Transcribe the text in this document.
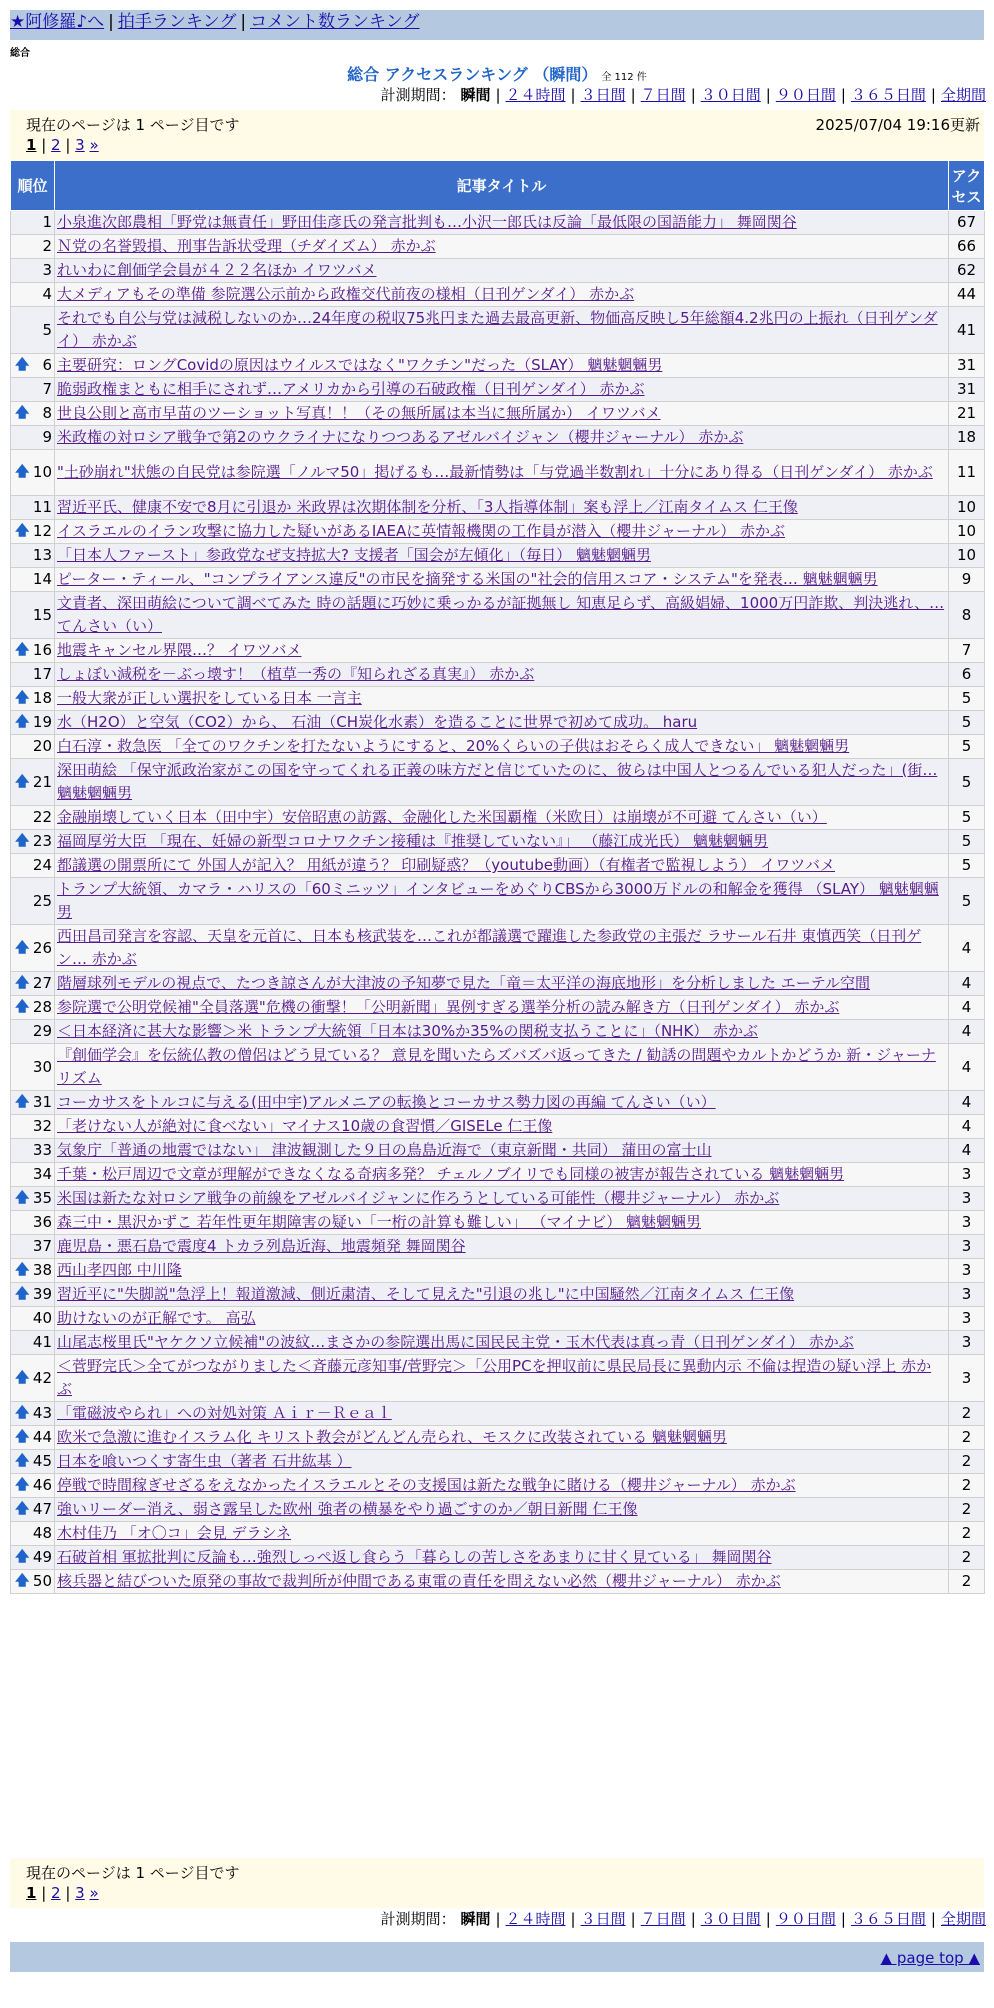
★阿修羅♪へ | 拍手ランキング | コメント数ランキング
総合
総合 アクセスランキング （瞬間） 全 112 件
計測期間： 瞬間 | ２４時間 | ３日間 | ７日間 | ３０日間 | ９０日間 | ３６５日間 | 全期間
現在のページは 1 ページ目です	2025/07/04 19:16更新
1 | 2 | 3 »
順位	記事タイトル	アクセス
1	小泉進次郎農相「野党は無責任」野田佳彦氏の発言批判も…小沢一郎氏は反論「最低限の国語能力」 舞岡関谷	67
2	Ｎ党の名誉毀損、刑事告訴状受理（チダイズム） 赤かぶ	66
3	れいわに創価学会員が４２２名ほか イワツバメ	62
4	大メディアもその準備 参院選公示前から政権交代前夜の様相（日刊ゲンダイ） 赤かぶ	44
5	それでも自公与党は減税しないのか…24年度の税収75兆円また過去最高更新、物価高反映し5年総額4.2兆円の上振れ（日刊ゲンダイ） 赤かぶ	41

🡅 6	主要研究：ロングCovidの原因はウイルスではなく"ワクチン"だった（SLAY） 魑魅魍魎男	31
7	脆弱政権まともに相手にされず…アメリカから引導の石破政権（日刊ゲンダイ） 赤かぶ	31

🡅 8	世良公則と高市早苗のツーショット写真！！（その無所属は本当に無所属か） イワツバメ	21
9	米政権の対ロシア戦争で第2のウクライナになりつつあるアゼルバイジャン（櫻井ジャーナル） 赤かぶ	18

🡅 10	"土砂崩れ"状態の自民党は参院選「ノルマ50」掲げるも…最新情勢は「与党過半数割れ」十分にあり得る（日刊ゲンダイ） 赤かぶ	11
11	習近平氏、健康不安で8月に引退か 米政界は次期体制を分析、「3人指導体制」案も浮上／江南タイムス 仁王像	10

🡅 12	イスラエルのイラン攻撃に協力した疑いがあるIAEAに英情報機関の工作員が潜入（櫻井ジャーナル） 赤かぶ	10
13	「日本人ファースト」参政党なぜ支持拡大? 支援者「国会が左傾化」（毎日） 魑魅魍魎男	10
14	ピーター・ティール、"コンプライアンス違反"の市民を摘発する米国の"社会的信用スコア・システム"を発表… 魑魅魍魎男	9
15	文責者、深田萌絵について調べてみた 時の話題に巧妙に乗っかるが証拠無し 知恵足らず、高級娼婦、1000万円詐欺、判決逃れ、… てんさい（い）	8

🡅 16	地震キャンセル界隈…？ イワツバメ	7
17	しょぼい減税を－ぶっ壊す！（植草一秀の『知られざる真実』） 赤かぶ	6

🡅 18	一般大衆が正しい選択をしている日本 一言主	5

🡅 19	水（H2O）と空気（CO2）から、 石油（CH炭化水素）を造ることに世界で初めて成功。 haru	5
20	白石淳・救急医 「全てのワクチンを打たないようにすると、20%くらいの子供はおそらく成人できない」 魑魅魍魎男	5

🡅 21	深田萌絵 「保守派政治家がこの国を守ってくれる正義の味方だと信じていたのに、彼らは中国人とつるんでいる犯人だった」(街… 魑魅魍魎男	5
22	金融崩壊していく日本（田中宇）安倍昭恵の訪露、金融化した米国覇権（米欧日）は崩壊が不可避 てんさい（い）	5

🡅 23	福岡厚労大臣 「現在、妊婦の新型コロナワクチン接種は『推奨していない』」 （藤江成光氏） 魑魅魍魎男	5
24	都議選の開票所にて 外国人が記入？ 用紙が違う？ 印刷疑惑？（youtube動画）（有権者で監視しよう） イワツバメ	5
25	トランプ大統領、カマラ・ハリスの「60ミニッツ」インタビューをめぐりCBSから3000万ドルの和解金を獲得 （SLAY） 魑魅魍魎男	5

🡅 26	西田昌司発言を容認、天皇を元首に、日本も核武装を…これが都議選で躍進した参政党の主張だ ラサール石井 東慎西笑（日刊ゲン… 赤かぶ	4

🡅 27	階層球列モデルの視点で、たつき諒さんが大津波の予知夢で見た「竜＝太平洋の海底地形」を分析しました エーテル空間	4

🡅 28	参院選で公明党候補"全員落選"危機の衝撃！「公明新聞」異例すぎる選挙分析の読み解き方（日刊ゲンダイ） 赤かぶ	4
29	＜日本経済に甚大な影響＞米 トランプ大統領「日本は30%か35%の関税支払うことに」（NHK） 赤かぶ	4
30	『創価学会』を伝統仏教の僧侶はどう見ている？ 意見を聞いたらズバズバ返ってきた / 勧誘の問題やカルトかどうか 新・ジャーナリズム	4

🡅 31	コーカサスをトルコに与える(田中宇)アルメニアの転換とコーカサス勢力図の再編 てんさい（い）	4
32	「老けない人が絶対に食べない」マイナス10歳の食習慣／GISELe 仁王像	4
33	気象庁「普通の地震ではない」 津波観測した９日の鳥島近海で（東京新聞・共同） 蒲田の富士山	4
34	千葉・松戸周辺で文章が理解ができなくなる奇病多発？ チェルノブイリでも同様の被害が報告されている 魑魅魍魎男	3

🡅 35	米国は新たな対ロシア戦争の前線をアゼルバイジャンに作ろうとしている可能性（櫻井ジャーナル） 赤かぶ	3
36	森三中・黒沢かずこ 若年性更年期障害の疑い「一桁の計算も難しい」 （マイナビ） 魑魅魍魎男	3
37	鹿児島・悪石島で震度4 トカラ列島近海、地震頻発 舞岡関谷	3

🡅 38	西山孝四郎 中川隆	3

🡅 39	習近平に"失脚説"急浮上！報道激減、側近粛清、そして見えた"引退の兆し"に中国騒然／江南タイムス 仁王像	3
40	助けないのが正解です。 高弘	3
41	山尾志桜里氏"ヤケクソ立候補"の波紋…まさかの参院選出馬に国民民主党・玉木代表は真っ青（日刊ゲンダイ） 赤かぶ	3

🡅 42	＜菅野完氏＞全てがつながりました＜斉藤元彦知事/菅野完＞「公用PCを押収前に県民局長に異動内示 不倫は捏造の疑い浮上 赤かぶ	3

🡅 43	「電磁波やられ」への対処対策 Ａｉｒ－Ｒｅａｌ	2

🡅 44	欧米で急激に進むイスラム化 キリスト教会がどんどん売られ、モスクに改装されている 魑魅魍魎男	2

🡅 45	日本を喰いつくす寄生虫（著者 石井紘基 ）	2

🡅 46	停戦で時間稼ぎせざるをえなかったイスラエルとその支援国は新たな戦争に賭ける（櫻井ジャーナル） 赤かぶ	2

🡅 47	強いリーダー消え、弱さ露呈した欧州 強者の横暴をやり過ごすのか／朝日新聞 仁王像	2
48	木村佳乃 「オ〇コ」会見 デラシネ	2

🡅 49	石破首相 軍拡批判に反論も…強烈しっぺ返し食らう「暮らしの苦しさをあまりに甘く見ている」 舞岡関谷	2

🡅 50	核兵器と結びついた原発の事故で裁判所が仲間である東電の責任を問えない必然（櫻井ジャーナル） 赤かぶ	2
現在のページは 1 ページ目です
1 | 2 | 3 »
計測期間： 瞬間 | ２４時間 | ３日間 | ７日間 | ３０日間 | ９０日間 | ３６５日間 | 全期間
▲ page top ▲
